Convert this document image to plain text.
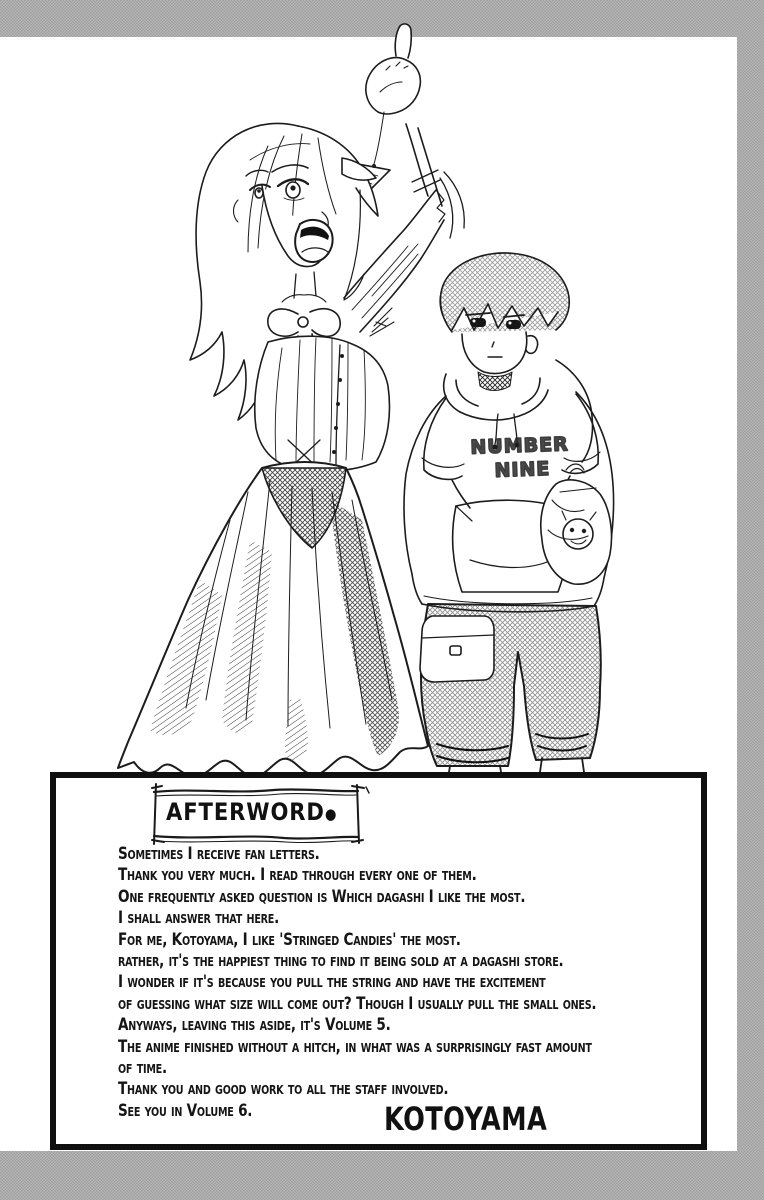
NUMBER
NINE
AFTERWORD●
Sometimes I receive fan letters.
Thank you very much. I read through every one of them.
One frequently asked question is Which dagashi I like the most.
I shall answer that here.
For me, Kotoyama, I like 'Stringed Candies' the most.
rather, it's the happiest thing to find it being sold at a dagashi store.
I wonder if it's because you pull the string and have the excitement
of guessing what size will come out? Though I usually pull the small ones.
Anyways, leaving this aside, it's Volume 5.
The anime finished without a hitch, in what was a surprisingly fast amount
of time.
Thank you and good work to all the staff involved.
See you in Volume 6.	KOTOYAMA
